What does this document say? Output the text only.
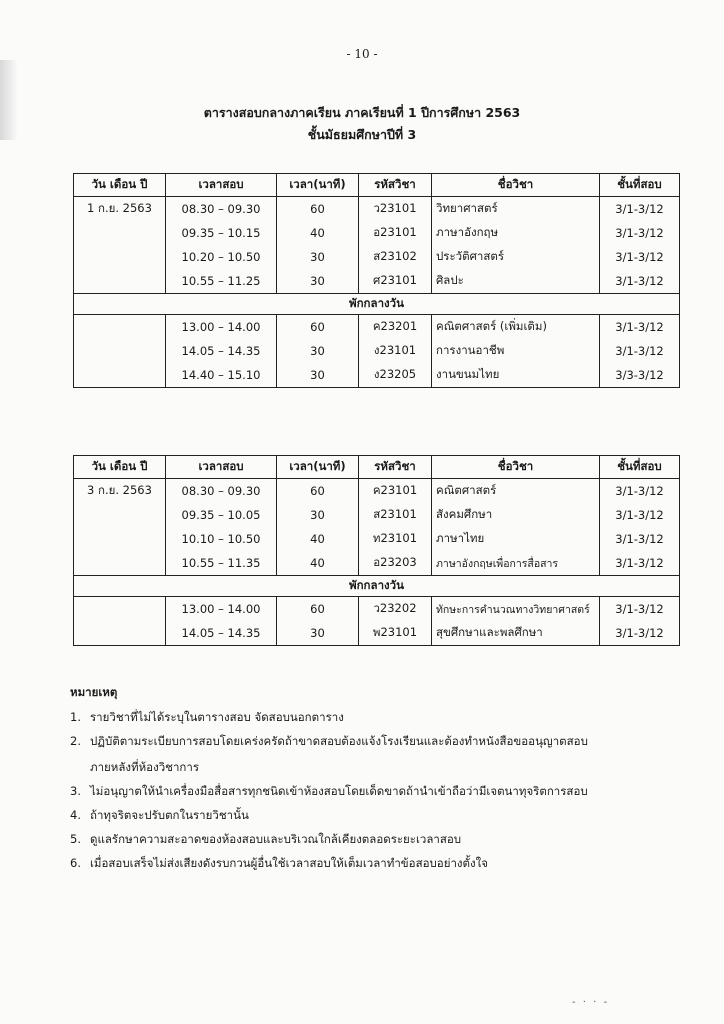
- 10 -
ตารางสอบกลางภาคเรียน ภาคเรียนที่ 1 ปีการศึกษา 2563
ชั้นมัธยมศึกษาปีที่ 3
วัน เดือน ปี	เวลาสอบ	เวลา(นาที)	รหัสวิชา	ชื่อวิชา	ชั้นที่สอบ
1 ก.ย. 2563	08.30 – 09.30	60	ว23101	วิทยาศาสตร์	3/1-3/12
	09.35 – 10.15	40	อ23101	ภาษาอังกฤษ	3/1-3/12
	10.20 – 10.50	30	ส23102	ประวัติศาสตร์	3/1-3/12
	10.55 – 11.25	30	ศ23101	ศิลปะ	3/1-3/12
พักกลางวัน					
	13.00 – 14.00	60	ค23201	คณิตศาสตร์ (เพิ่มเติม)	3/1-3/12
	14.05 – 14.35	30	ง23101	การงานอาชีพ	3/1-3/12
	14.40 – 15.10	30	ง23205	งานขนมไทย	3/3-3/12
วัน เดือน ปี	เวลาสอบ	เวลา(นาที)	รหัสวิชา	ชื่อวิชา	ชั้นที่สอบ
3 ก.ย. 2563	08.30 – 09.30	60	ค23101	คณิตศาสตร์	3/1-3/12
	09.35 – 10.05	30	ส23101	สังคมศึกษา	3/1-3/12
	10.10 – 10.50	40	ท23101	ภาษาไทย	3/1-3/12
	10.55 – 11.35	40	อ23203	ภาษาอังกฤษเพื่อการสื่อสาร	3/1-3/12
พักกลางวัน					
	13.00 – 14.00	60	ว23202	ทักษะการคำนวณทางวิทยาศาสตร์	3/1-3/12
	14.05 – 14.35	30	พ23101	สุขศึกษาและพลศึกษา	3/1-3/12
หมายเหตุ
1. รายวิชาที่ไม่ได้ระบุในตารางสอบ จัดสอบนอกตาราง
2. ปฏิบัติตามระเบียบการสอบโดยเคร่งครัดถ้าขาดสอบต้องแจ้งโรงเรียนและต้องทำหนังสือขออนุญาตสอบ
ภายหลังที่ห้องวิชาการ
3. ไม่อนุญาตให้นำเครื่องมือสื่อสารทุกชนิดเข้าห้องสอบโดยเด็ดขาดถ้านำเข้าถือว่ามีเจตนาทุจริตการสอบ
4. ถ้าทุจริตจะปรับตกในรายวิชานั้น
5. ดูแลรักษาความสะอาดของห้องสอบและบริเวณใกล้เคียงตลอดระยะเวลาสอบ
6. เมื่อสอบเสร็จไม่ส่งเสียงดังรบกวนผู้อื่นใช้เวลาสอบให้เต็มเวลาทำข้อสอบอย่างตั้งใจ
- · · -
